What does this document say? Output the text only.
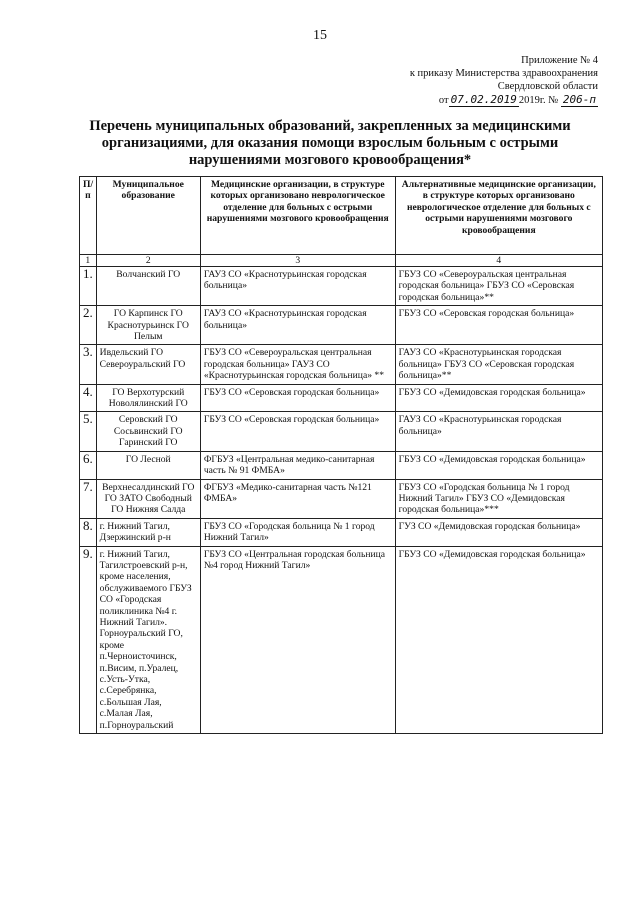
15
Приложение № 4
к приказу Министерства здравоохранения
Свердловской области
от 07.02.2019 2019г. № 206-п
Перечень муниципальных образований, закрепленных за медицинскими организациями, для оказания помощи взрослым больным с острыми нарушениями мозгового кровообращения*
П/ п	Муниципальное образование	Медицинские организации, в структуре которых организовано неврологическое отделение для больных с острыми нарушениями мозгового кровообращения	Альтернативные медицинские организации, в структуре которых организовано неврологическое отделение для больных с острыми нарушениями мозгового кровообращения
1	2	3	4
1.	Волчанский ГО	ГАУЗ СО «Краснотурьинская городская больница»	ГБУЗ СО «Североуральская центральная городская больница» ГБУЗ СО «Серовская городская больница»**
2.	ГО Карпинск ГО Краснотурьинск ГО Пелым	ГАУЗ СО «Краснотурьинская городская больница»	ГБУЗ СО «Серовская городская больница»
3.	Ивдельский ГО Североуральский ГО	ГБУЗ СО «Североуральская центральная городская больница» ГАУЗ СО «Краснотурьинская городская больница» **	ГАУЗ СО «Краснотурьинская городская больница» ГБУЗ СО «Серовская городская больница»**
4.	ГО Верхотурский Новолялинский ГО	ГБУЗ СО «Серовская городская больница»	ГБУЗ СО «Демидовская городская больница»
5.	Серовский ГО Сосьвинский ГО Гаринский ГО	ГБУЗ СО «Серовская городская больница»	ГАУЗ СО «Краснотурьинская городская больница»
6.	ГО Лесной	ФГБУЗ «Центральная медико-санитарная часть № 91 ФМБА»	ГБУЗ СО «Демидовская городская больница»
7.	Верхнесалдинский ГО ГО ЗАТО Свободный ГО Нижняя Салда	ФГБУЗ «Медико-санитарная часть №121 ФМБА»	ГБУЗ СО «Городская больница № 1 город Нижний Тагил» ГБУЗ СО «Демидовская городская больница»***
8.	г. Нижний Тагил, Дзержинский р-н	ГБУЗ СО «Городская больница № 1 город Нижний Тагил»	ГУЗ СО «Демидовская городская больница»
9.	г. Нижний Тагил, Тагилстроевский р-н, кроме населения, обслуживаемого ГБУЗ СО «Городская поликлиника №4 г. Нижний Тагил». Горноуральский ГО, кроме п.Черноисточинск, п.Висим, п.Уралец, с.Усть-Утка, с.Серебрянка, с.Большая Лая, с.Малая Лая, п.Горноуральский	ГБУЗ СО «Центральная городская больница №4 город Нижний Тагил»	ГБУЗ СО «Демидовская городская больница»
